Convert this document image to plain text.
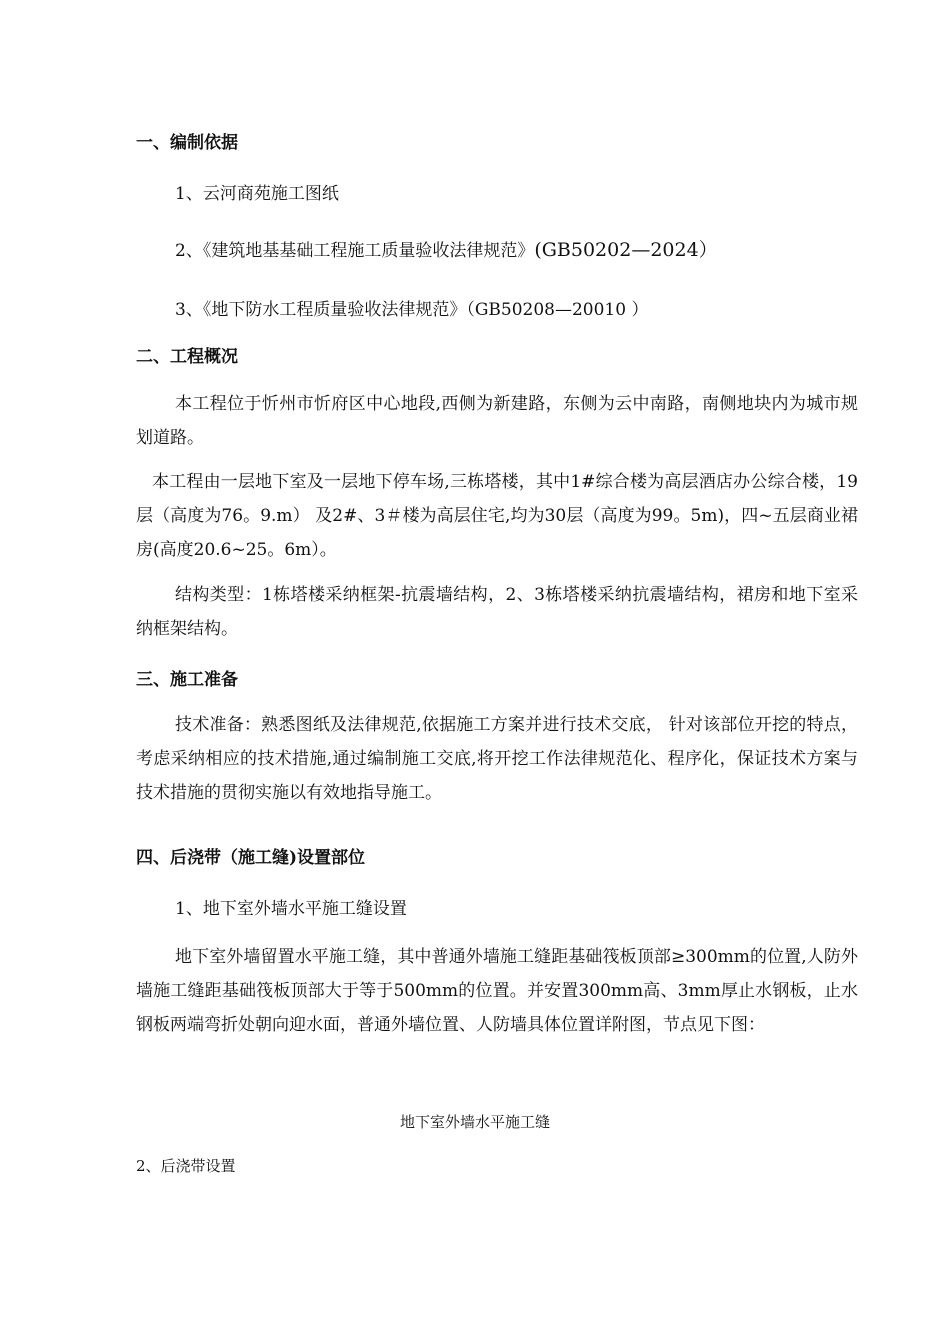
一、编制依据
1、云河商苑施工图纸
2、《建筑地基基础工程施工质量验收法律规范》(GB50202—2024）
3、《地下防水工程质量验收法律规范》（GB50208—20010 ）
二、工程概况
本工程位于忻州市忻府区中心地段,西侧为新建路，东侧为云中南路，南侧地块内为城市规划道路。
本工程由一层地下室及一层地下停车场,三栋塔楼，其中1#综合楼为高层酒店办公综合楼，19层（高度为76。9.m） 及2#、3＃楼为高层住宅,均为30层（高度为99。5m)，四~五层商业裙房(高度20.6~25。6m）。
结构类型：1栋塔楼采纳框架-抗震墙结构，2、3栋塔楼采纳抗震墙结构，裙房和地下室采纳框架结构。
三、施工准备
技术准备：熟悉图纸及法律规范,依据施工方案并进行技术交底， 针对该部位开挖的特点，考虑采纳相应的技术措施,通过编制施工交底,将开挖工作法律规范化、程序化，保证技术方案与技术措施的贯彻实施以有效地指导施工。
四、后浇带（施工缝)设置部位
1、地下室外墙水平施工缝设置
地下室外墙留置水平施工缝，其中普通外墙施工缝距基础筏板顶部≥300mm的位置,人防外墙施工缝距基础筏板顶部大于等于500mm的位置。并安置300mm高、3mm厚止水钢板，止水钢板两端弯折处朝向迎水面，普通外墙位置、人防墙具体位置详附图，节点见下图：
地下室外墙水平施工缝
2、后浇带设置
